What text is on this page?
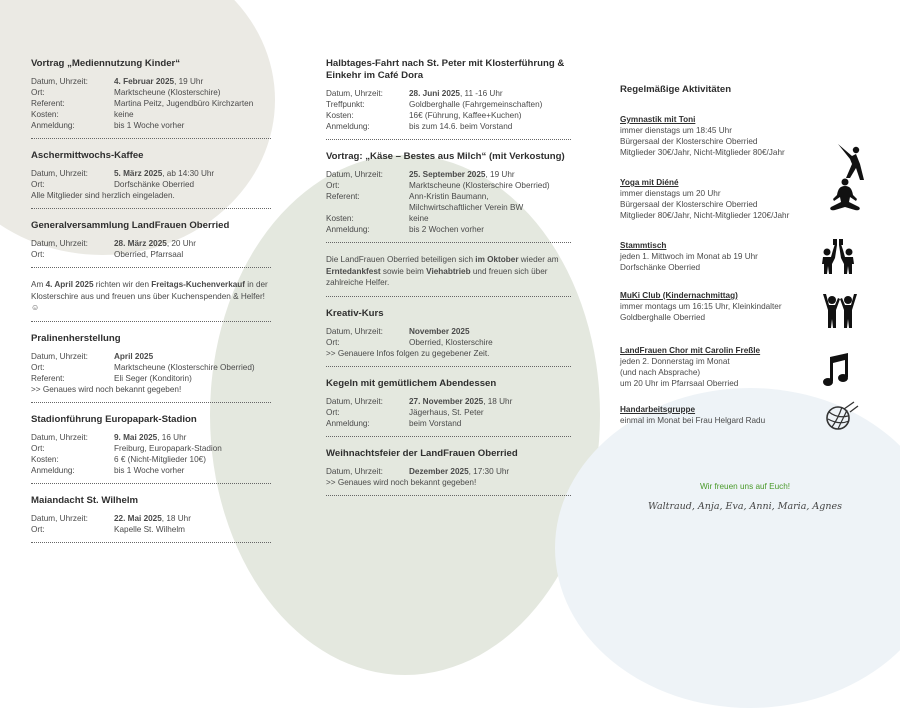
Vortrag „Mediennutzung Kinder“
Datum, Uhrzeit:	4. Februar 2025, 19 Uhr
Ort:	Marktscheune (Klosterschire)
Referent:	Martina Peitz, Jugendbüro Kirchzarten
Kosten:	keine
Anmeldung:	bis 1 Woche vorher
Aschermittwochs-Kaffee
Datum, Uhrzeit:	5. März 2025, ab 14:30 Uhr
Ort:	Dorfschänke Oberried
Alle Mitglieder sind herzlich eingeladen.
Generalversammlung LandFrauen Oberried
Datum, Uhrzeit:	28. März 2025, 20 Uhr
Ort:	Oberried, Pfarrsaal
Am 4. April 2025 richten wir den Freitags-Kuchenverkauf in der Klosterschire aus und freuen uns über Kuchenspenden & Helfer! ☺
Pralinenherstellung
Datum, Uhrzeit:	April 2025
Ort:	Marktscheune (Klosterschire Oberried)
Referent:	Eli Seger (Konditorin)
>> Genaues wird noch bekannt gegeben!
Stadionführung Europapark-Stadion
Datum, Uhrzeit:	9. Mai 2025, 16 Uhr
Ort:	Freiburg, Europapark-Stadion
Kosten:	6 € (Nicht-Mitglieder 10€)
Anmeldung:	bis 1 Woche vorher
Maiandacht St. Wilhelm
Datum, Uhrzeit:	22. Mai 2025, 18 Uhr
Ort:	Kapelle St. Wilhelm
Halbtages-Fahrt nach St. Peter mit Klosterführung & Einkehr im Café Dora
Datum, Uhrzeit:	28. Juni 2025, 11 -16 Uhr
Treffpunkt:	Goldberghalle (Fahrgemeinschaften)
Kosten:	16€ (Führung, Kaffee+Kuchen)
Anmeldung:	bis zum 14.6. beim Vorstand
Vortrag: „Käse – Bestes aus Milch“ (mit Verkostung)
Datum, Uhrzeit:	25. September 2025, 19 Uhr
Ort:	Marktscheune (Klosterschire Oberried)
Referent:	Ann-Kristin Baumann, Milchwirtschaftlicher Verein BW
Kosten:	keine
Anmeldung:	bis 2 Wochen vorher
Die LandFrauen Oberried beteiligen sich im Oktober wieder am Erntedankfest sowie beim Viehabtrieb und freuen sich über zahlreiche Helfer.
Kreativ-Kurs
Datum, Uhrzeit:	November 2025
Ort:	Oberried, Klosterschire
>> Genauere Infos folgen zu gegebener Zeit.
Kegeln mit gemütlichem Abendessen
Datum, Uhrzeit:	27. November 2025, 18 Uhr
Ort:	Jägerhaus, St. Peter
Anmeldung:	beim Vorstand
Weihnachtsfeier der LandFrauen Oberried
Datum, Uhrzeit:	Dezember 2025, 17:30 Uhr
>> Genaues wird noch bekannt gegeben!
Regelmäßige Aktivitäten
Gymnastik mit Toni
immer dienstags um 18:45 Uhr
Bürgersaal der Klosterschire Oberried
Mitglieder 30€/Jahr, Nicht-Mitglieder 80€/Jahr
Yoga mit Diéné
immer dienstags um 20 Uhr
Bürgersaal der Klosterschire Oberried
Mitglieder 80€/Jahr, Nicht-Mitglieder 120€/Jahr
Stammtisch
jeden 1. Mittwoch im Monat ab 19 Uhr
Dorfschänke Oberried
MuKi Club (Kindernachmittag)
immer montags um 16:15 Uhr, Kleinkindalter
Goldberghalle Oberried
LandFrauen Chor mit Carolin Freßle
jeden 2. Donnerstag im Monat
(und nach Absprache)
um 20 Uhr im Pfarrsaal Oberried
Handarbeitsgruppe
einmal im Monat bei Frau Helgard Radu
Wir freuen uns auf Euch!
Waltraud, Anja, Eva, Anni, Maria, Agnes
